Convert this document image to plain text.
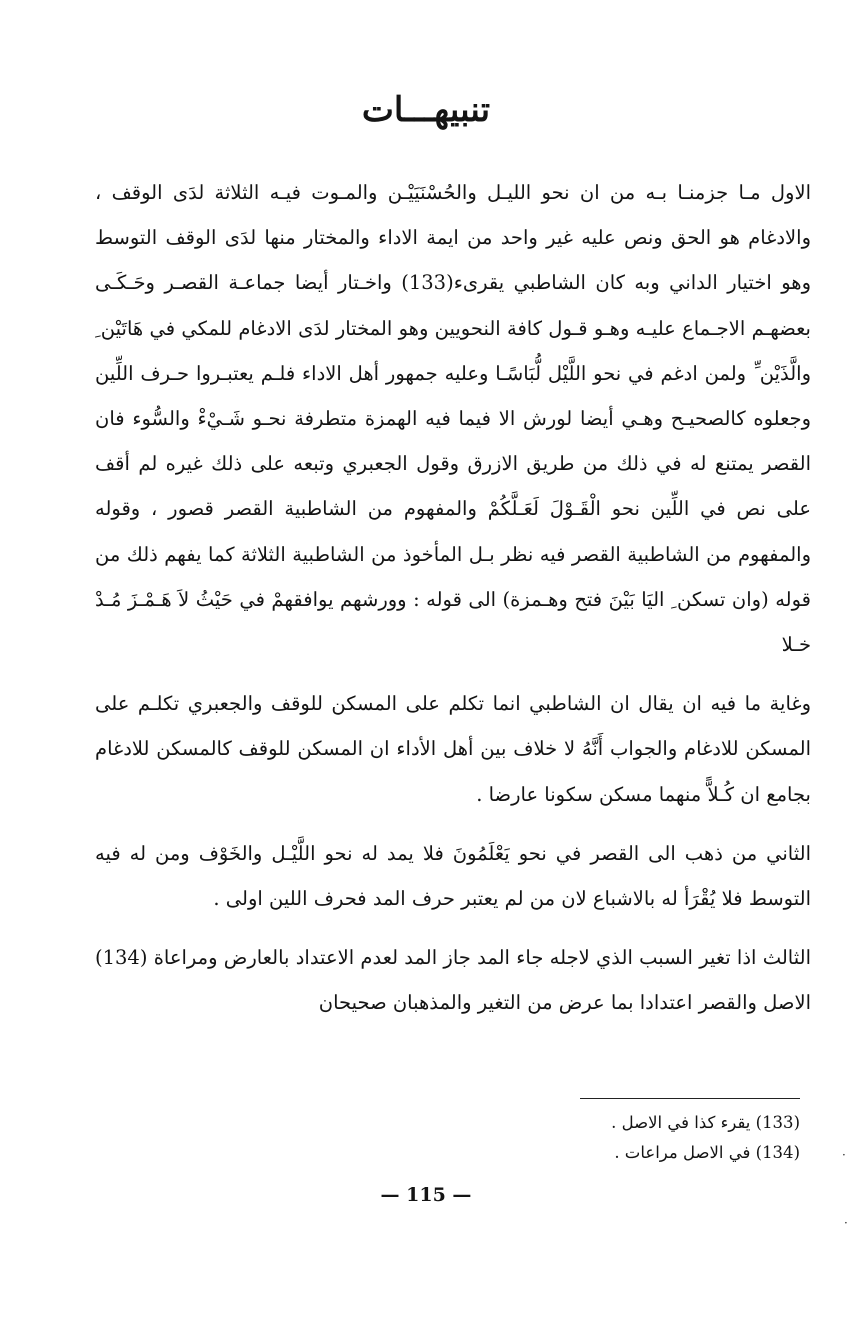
تنبيهـــات

الاول مـا جزمنـا بـه من ان نحو الليـل والحُسْنَيَيْـن والمـوت فيـه الثلاثة لدَى الوقف ، والادغام هو الحق ونص عليه غير واحد من ايمة الاداء والمختار منها لدَى الوقف التوسط وهو اختيار الداني وبه كان الشاطبي يقرىء(133) واخـتار أيضا جماعـة القصـر وحَـكَـى بعضهـم الاجـماع عليـه وهـو قـول كافة النحويين وهو المختار لدَى الادغام للمكي في هَاتَيْن ِ والَّذَيْن ِّ ولمن ادغم في نحو اللَّيْل لُّبَاسًـا وعليه جمهور أهل الاداء فلـم يعتبـروا حـرف اللِّين وجعلوه كالصحيـح وهـي أيضا لورش الا فيما فيه الهمزة متطرفة نحـو شَـيْءْ والسُّوء فان القصر يمتنع له في ذلك من طريق الازرق وقول الجعبري وتبعه على ذلك غيره لم أقف على نص في اللِّين نحو الْقَـوْلَ لَعَـلَّكُمْ والمفهوم من الشاطبية القصر قصور ، وقوله والمفهوم من الشاطبية القصر فيه نظر بـل المأخوذ من الشاطبية الثلاثة كما يفهم ذلك من قوله (وان تسكن ِ اليَا بَيْنَ فتح وهـمزة) الى قوله : وورشهم يوافقهمْ في حَيْثُ لاَ هَـمْـزَ مُـدْ خـلا

وغاية ما فيه ان يقال ان الشاطبي انما تكلم على المسكن للوقف والجعبري تكلـم على المسكن للادغام والجواب أَنَّهُ لا خلاف بين أهل الأداء ان المسكن للوقف كالمسكن للادغام بجامع ان كُـلاًّ منهما مسكن سكونا عارضا .

الثاني من ذهب الى القصر في نحو يَعْلَمُونَ فلا يمد له نحو اللَّيْـل والخَوْف ومن له فيه التوسط فلا يُقْرَأ له بالاشباع لان من لم يعتبر حرف المد فحرف اللين اولى .

الثالث اذا تغير السبب الذي لاجله جاء المد جاز المد لعدم الاعتداد بالعارض ومراعاة (134) الاصل والقصر اعتدادا بما عرض من التغير والمذهبان صحيحان

(133) يقرء كذا في الاصل .
(134) في الاصل مراعات .
— 115 —
·
·
